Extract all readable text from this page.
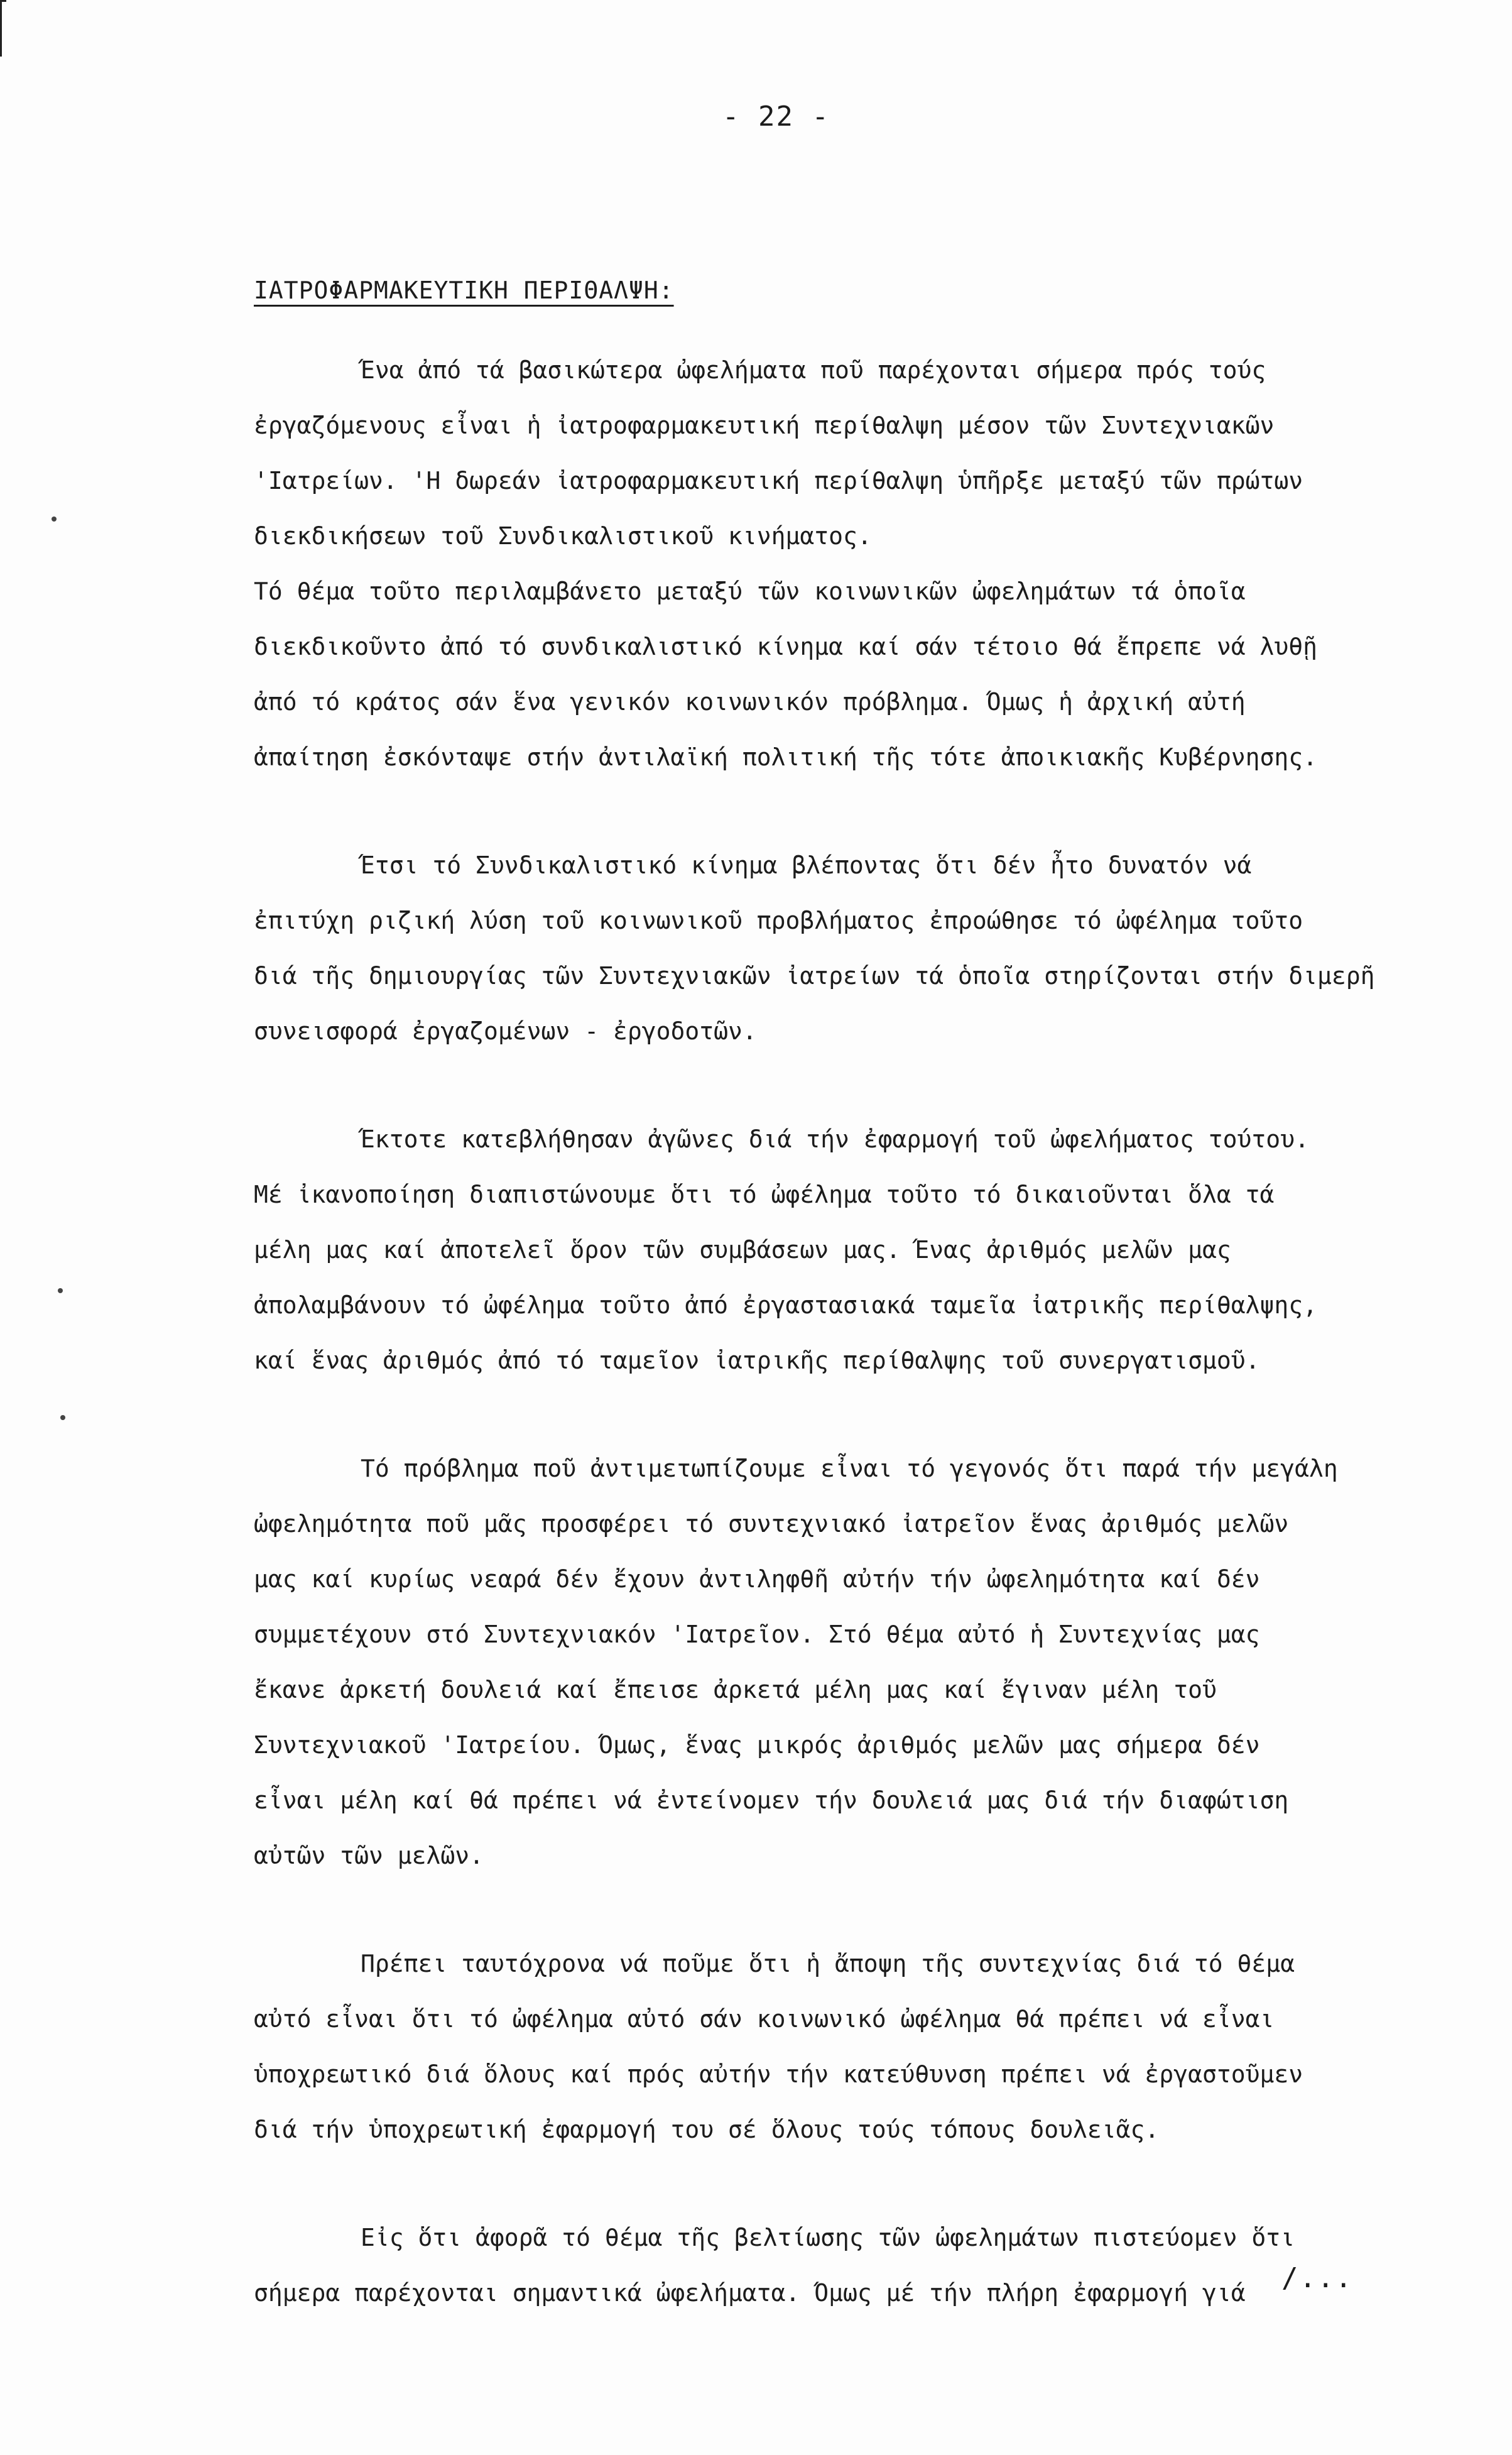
- 22 -
ΙΑΤΡΟΦΑΡΜΑΚΕΥΤΙΚΗ ΠΕΡΙΘΑΛΨΗ:
Ένα ἀπό τά βασικώτερα ὠφελήματα ποῦ παρέχονται σήμερα πρός τούς
ἐργαζόμενους εἶναι ἡ ἰατροφαρμακευτική περίθαλψη μέσον τῶν Συντεχνιακῶν
'Ιατρείων. 'Η δωρεάν ἰατροφαρμακευτική περίθαλψη ὑπῆρξε μεταξύ τῶν πρώτων
διεκδικήσεων τοῦ Συνδικαλιστικοῦ κινήματος.
Τό θέμα τοῦτο περιλαμβάνετο μεταξύ τῶν κοινωνικῶν ὠφελημάτων τά ὁποῖα
διεκδικοῦντο ἀπό τό συνδικαλιστικό κίνημα καί σάν τέτοιο θά ἔπρεπε νά λυθῇ
ἀπό τό κράτος σάν ἕνα γενικόν κοινωνικόν πρόβλημα. Όμως ἡ ἀρχική αὐτή
ἀπαίτηση ἐσκόνταψε στήν ἀντιλαϊκή πολιτική τῆς τότε ἀποικιακῆς Κυβέρνησης.
Έτσι τό Συνδικαλιστικό κίνημα βλέποντας ὅτι δέν ἦτο δυνατόν νά
ἐπιτύχη ριζική λύση τοῦ κοινωνικοῦ προβλήματος ἐπροώθησε τό ὠφέλημα τοῦτο
διά τῆς δημιουργίας τῶν Συντεχνιακῶν ἰατρείων τά ὁποῖα στηρίζονται στήν διμερῆ
συνεισφορά ἐργαζομένων - ἐργοδοτῶν.
Έκτοτε κατεβλήθησαν ἀγῶνες διά τήν ἐφαρμογή τοῦ ὠφελήματος τούτου.
Μέ ἰκανοποίηση διαπιστώνουμε ὅτι τό ὠφέλημα τοῦτο τό δικαιοῦνται ὅλα τά
μέλη μας καί ἀποτελεῖ ὅρον τῶν συμβάσεων μας. Ένας ἀριθμός μελῶν μας
ἀπολαμβάνουν τό ὠφέλημα τοῦτο ἀπό ἐργαστασιακά ταμεῖα ἰατρικῆς περίθαλψης,
καί ἕνας ἀριθμός ἀπό τό ταμεῖον ἰατρικῆς περίθαλψης τοῦ συνεργατισμοῦ.
Τό πρόβλημα ποῦ ἀντιμετωπίζουμε εἶναι τό γεγονός ὅτι παρά τήν μεγάλη
ὠφελημότητα ποῦ μᾶς προσφέρει τό συντεχνιακό ἰατρεῖον ἕνας ἀριθμός μελῶν
μας καί κυρίως νεαρά δέν ἔχουν ἀντιληφθῆ αὐτήν τήν ὠφελημότητα καί δέν
συμμετέχουν στό Συντεχνιακόν 'Ιατρεῖον. Στό θέμα αὐτό ἡ Συντεχνίας μας
ἔκανε ἀρκετή δουλειά καί ἔπεισε ἀρκετά μέλη μας καί ἔγιναν μέλη τοῦ
Συντεχνιακοῦ 'Ιατρείου. Όμως, ἕνας μικρός ἀριθμός μελῶν μας σήμερα δέν
εἶναι μέλη καί θά πρέπει νά ἐντείνομεν τήν δουλειά μας διά τήν διαφώτιση
αὐτῶν τῶν μελῶν.
Πρέπει ταυτόχρονα νά ποῦμε ὅτι ἡ ἄποψη τῆς συντεχνίας διά τό θέμα
αὐτό εἶναι ὅτι τό ὠφέλημα αὐτό σάν κοινωνικό ὠφέλημα θά πρέπει νά εἶναι
ὑποχρεωτικό διά ὅλους καί πρός αὐτήν τήν κατεύθυνση πρέπει νά ἐργαστοῦμεν
διά τήν ὑποχρεωτική ἐφαρμογή του σέ ὅλους τούς τόπους δουλειᾶς.
Εἰς ὅτι ἀφορᾶ τό θέμα τῆς βελτίωσης τῶν ὠφελημάτων πιστεύομεν ὅτι
σήμερα παρέχονται σημαντικά ὠφελήματα. Όμως μέ τήν πλήρη ἐφαρμογή γιά	/...
